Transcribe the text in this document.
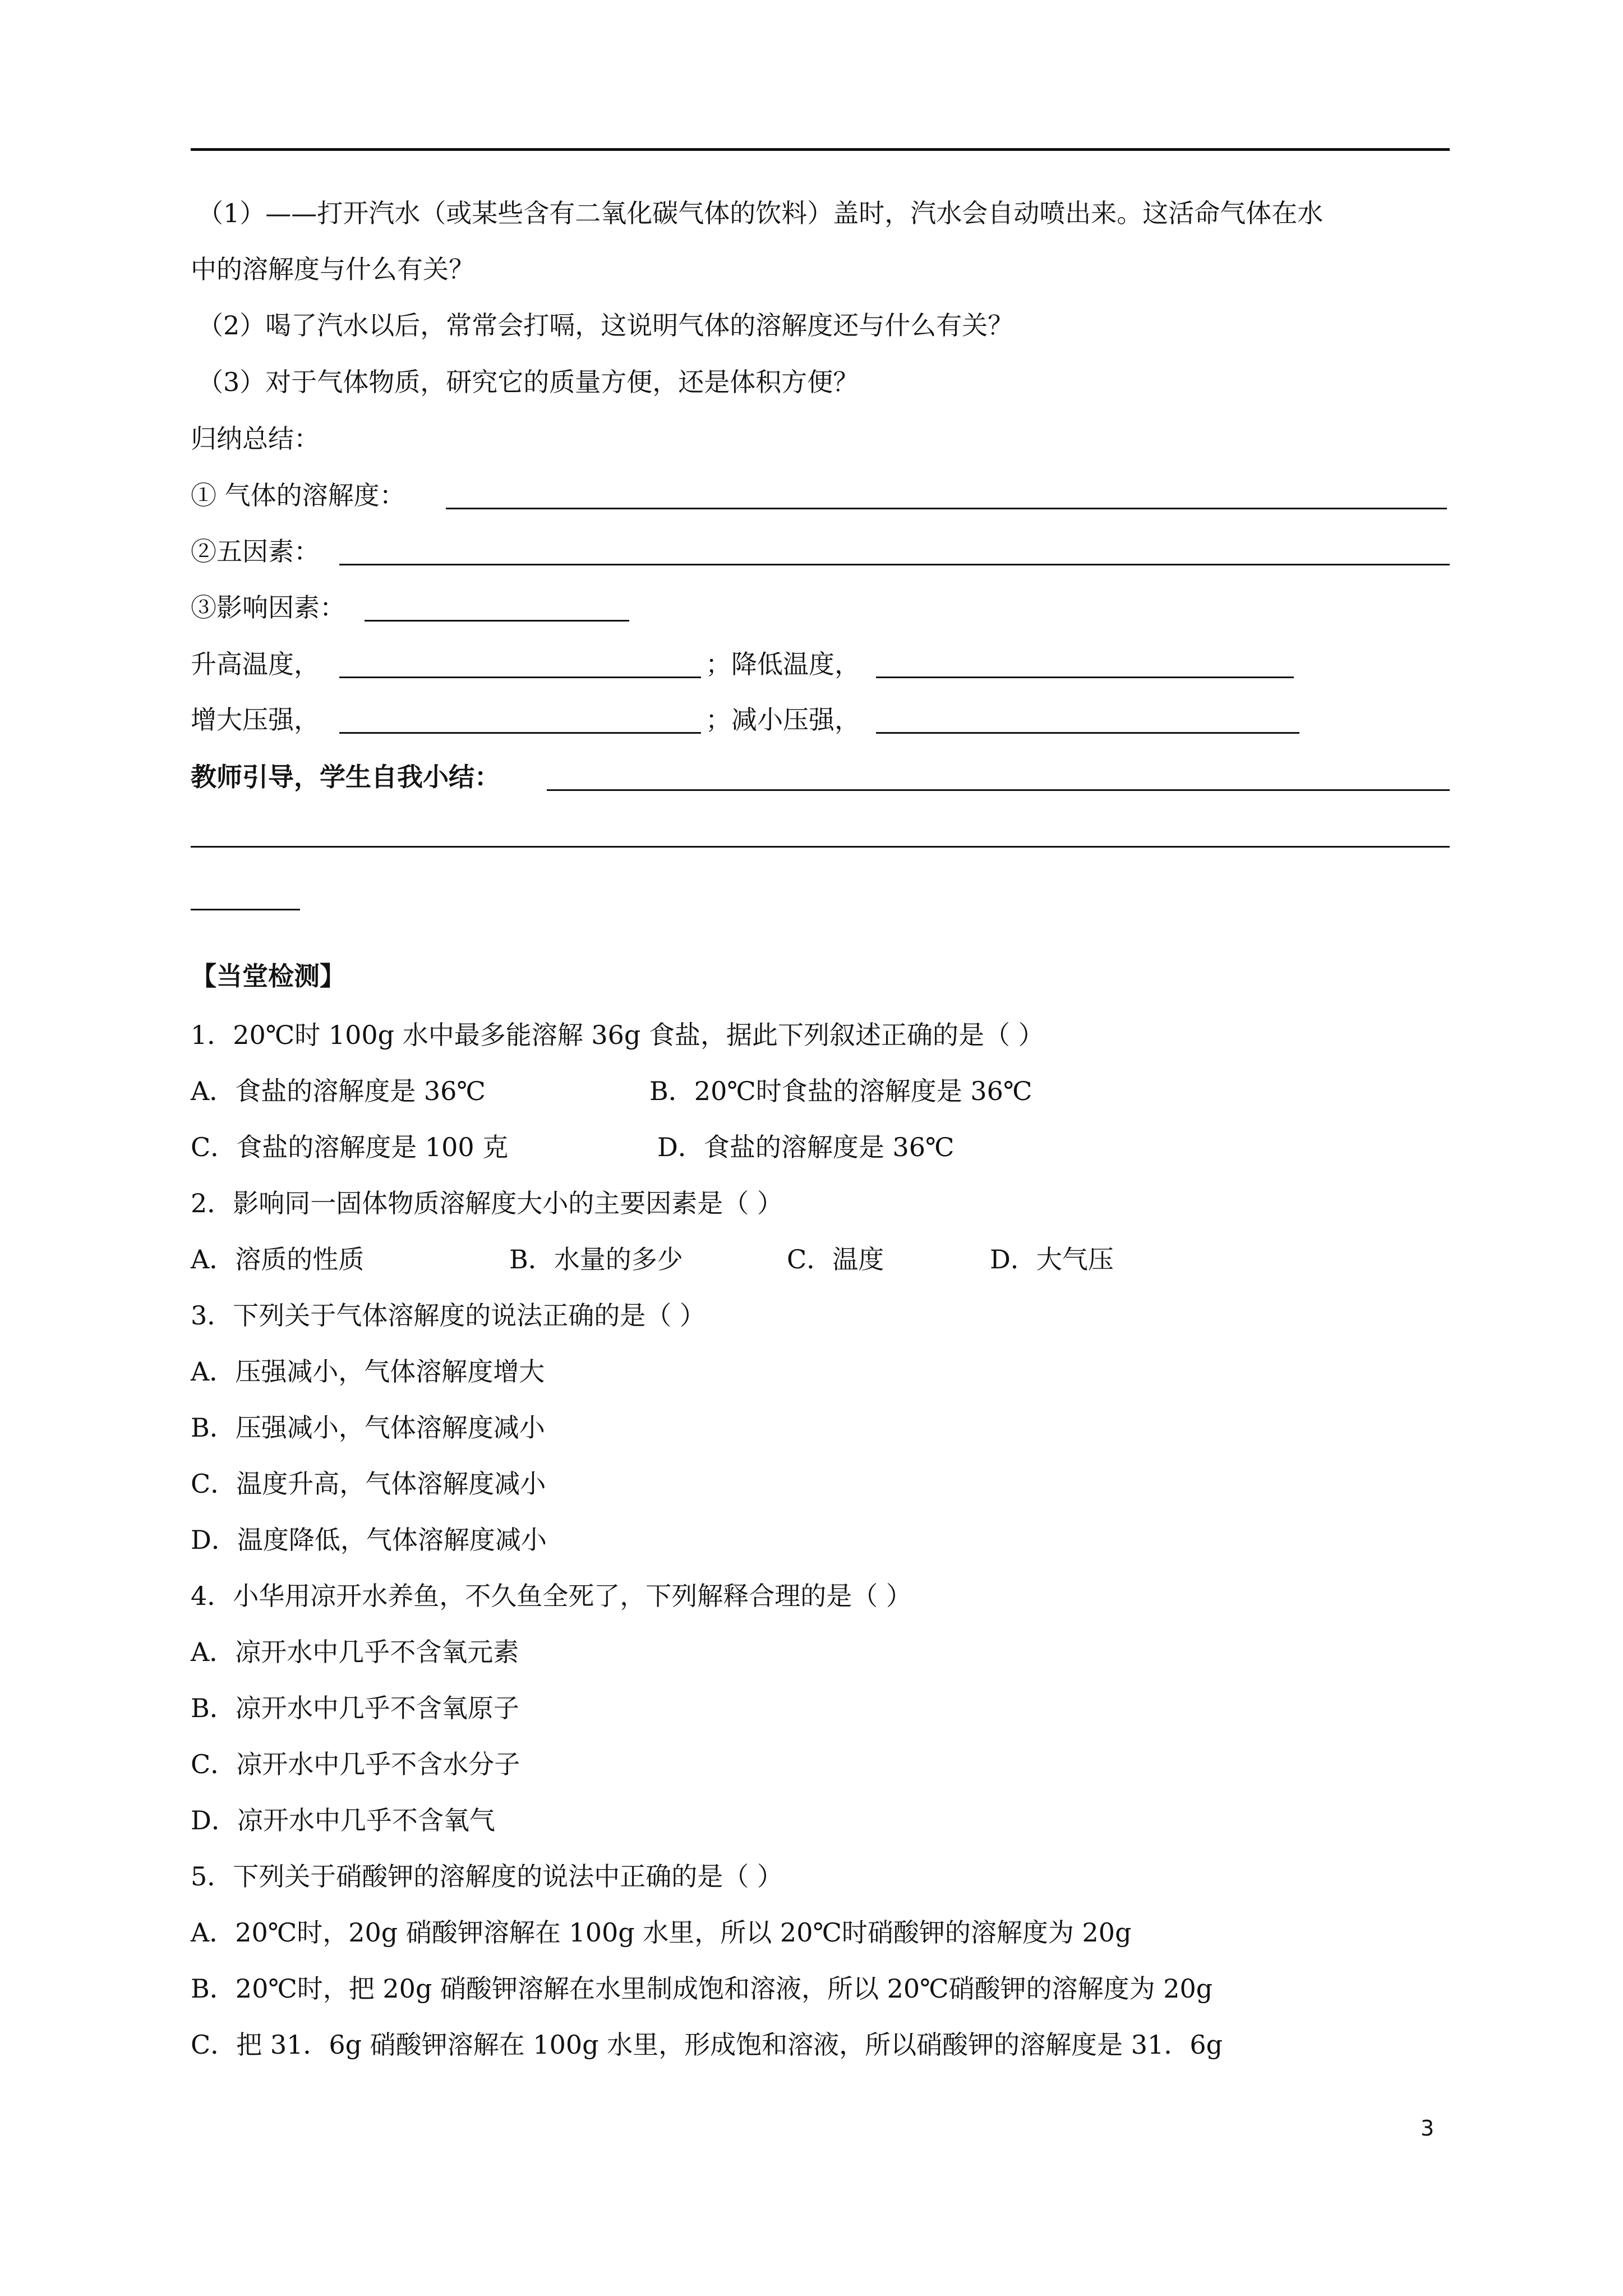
（1）——打开汽水（或某些含有二氧化碳气体的饮料）盖时，汽水会自动喷出来。这活命气体在水
中的溶解度与什么有关？
（2）喝了汽水以后，常常会打嗝，这说明气体的溶解度还与什么有关？
（3）对于气体物质，研究它的质量方便，还是体积方便？
归纳总结：
① 气体的溶解度：
②五因素：
③影响因素：
升高温度，	；降低温度，
增大压强，	；减小压强，
教师引导，学生自我小结：
【当堂检测】
1．20℃时 100g 水中最多能溶解 36g 食盐，据此下列叙述正确的是（ ）
A．食盐的溶解度是 36℃	B．20℃时食盐的溶解度是 36℃
C．食盐的溶解度是 100 克	D．食盐的溶解度是 36℃
2．影响同一固体物质溶解度大小的主要因素是（ ）
A．溶质的性质	B．水量的多少	C．温度	D．大气压
3．下列关于气体溶解度的说法正确的是（ ）
A．压强减小，气体溶解度增大
B．压强减小，气体溶解度减小
C．温度升高，气体溶解度减小
D．温度降低，气体溶解度减小
4．小华用凉开水养鱼，不久鱼全死了，下列解释合理的是（ ）
A．凉开水中几乎不含氧元素
B．凉开水中几乎不含氧原子
C．凉开水中几乎不含水分子
D．凉开水中几乎不含氧气
5．下列关于硝酸钾的溶解度的说法中正确的是（ ）
A．20℃时，20g 硝酸钾溶解在 100g 水里，所以 20℃时硝酸钾的溶解度为 20g
B．20℃时，把 20g 硝酸钾溶解在水里制成饱和溶液，所以 20℃硝酸钾的溶解度为 20g
C．把 31．6g 硝酸钾溶解在 100g 水里，形成饱和溶液，所以硝酸钾的溶解度是 31．6g
3
